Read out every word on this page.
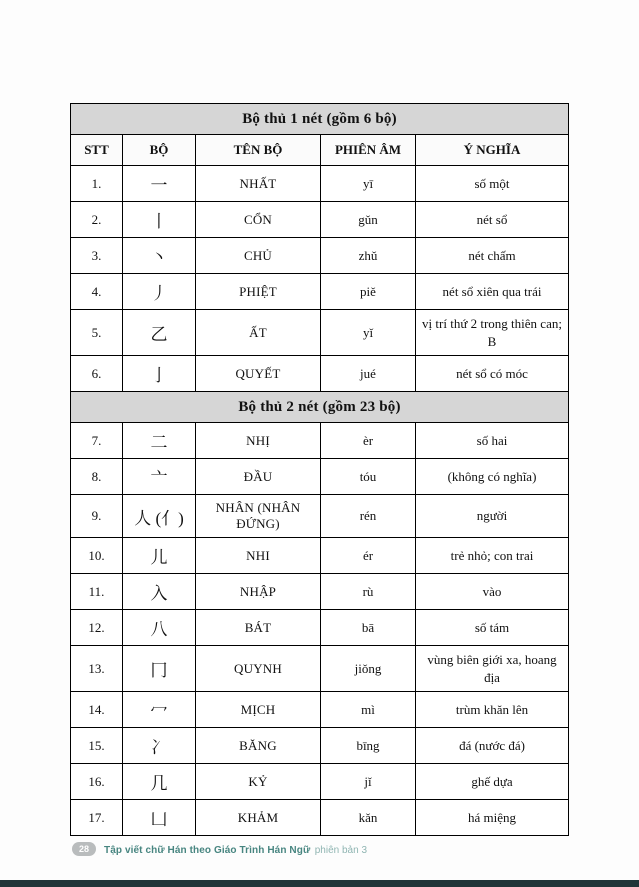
Bộ thủ 1 nét (gồm 6 bộ)				
STT	BỘ	TÊN BỘ	PHIÊN ÂM	Ý NGHĨA
1.	一	NHẤT	yī	số một
2.	丨	CỔN	gǔn	nét sổ
3.	丶	CHỦ	zhǔ	nét chấm
4.	丿	PHIỆT	piě	nét sổ xiên qua trái
5.	乙	ẤT	yǐ	vị trí thứ 2 trong thiên can; B
6.	亅	QUYẾT	jué	nét sổ có móc
Bộ thủ 2 nét (gồm 23 bộ)				
7.	二	NHỊ	èr	số hai
8.	亠	ĐẦU	tóu	(không có nghĩa)
9.	人 (亻)	NHÂN (NHÂN ĐỨNG)	rén	người
10.	儿	NHI	ér	trẻ nhỏ; con trai
11.	入	NHẬP	rù	vào
12.	八	BÁT	bā	số tám
13.	冂	QUYNH	jiǒng	vùng biên giới xa, hoang địa
14.	冖	MỊCH	mì	trùm khăn lên
15.	冫	BĂNG	bīng	đá (nước đá)
16.	几	KỶ	jǐ	ghế dựa
17.	凵	KHẢM	kǎn	há miệng
28	Tập viết chữ Hán theo Giáo Trình Hán Ngữ phiên bản 3
